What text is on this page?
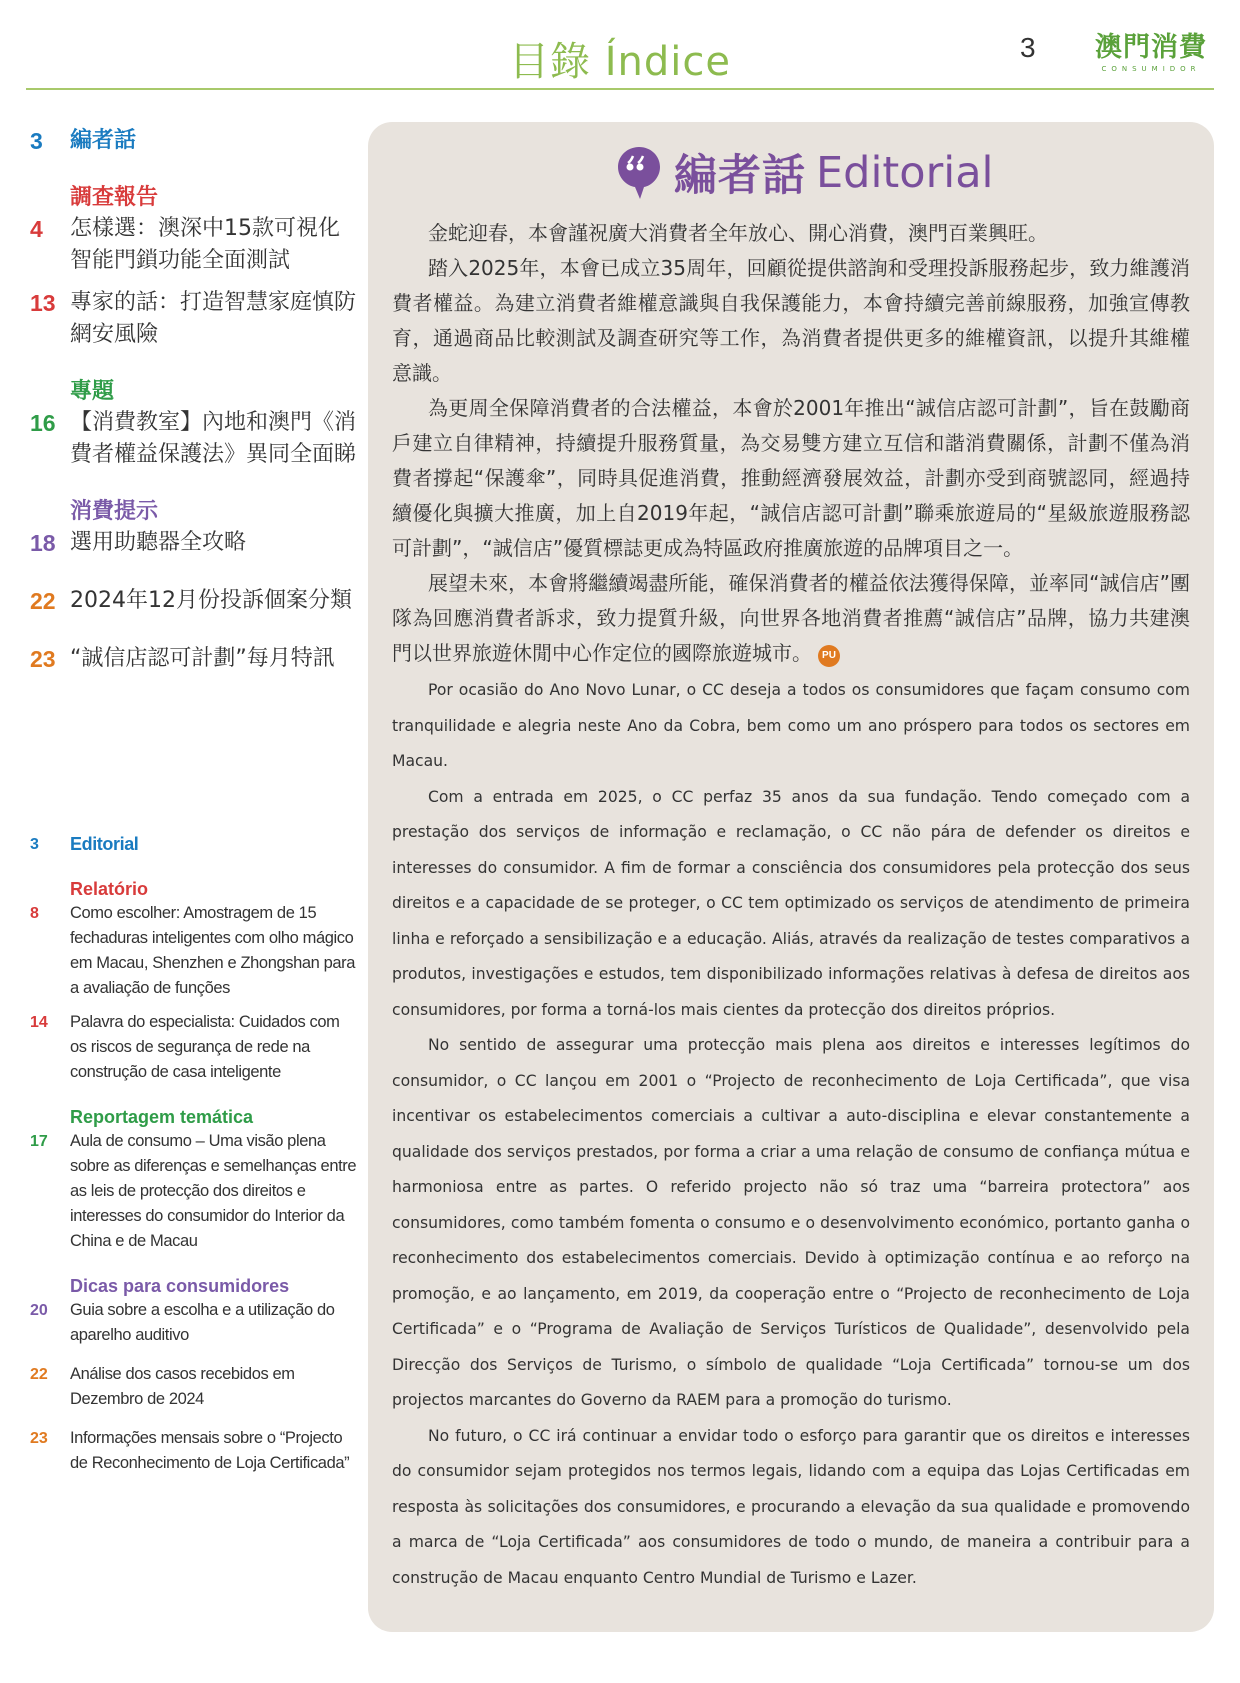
目錄 Índice	3 澳門消費
CONSUMIDOR
3	編者話
調查報告
4	怎樣選：澳深中15款可視化智能門鎖功能全面測試
13 專家的話：打造智慧家庭慎防網安風險
專題
16 【消費教室】內地和澳門《消費者權益保護法》異同全面睇
消費提示
18 選用助聽器全攻略
22 2024年12月份投訴個案分類
23 “誠信店認可計劃”每月特訊
3	Editorial
Relatório
8	Como escolher: Amostragem de 15 fechaduras inteligentes com olho mágico em Macau, Shenzhen e Zhongshan para a avaliação de funções
14	Palavra do especialista: Cuidados com os riscos de segurança de rede na construção de casa inteligente
Reportagem temática
17	Aula de consumo – Uma visão plena sobre as diferenças e semelhanças entre as leis de protecção dos direitos e interesses do consumidor do Interior da China e de Macau
Dicas para consumidores
20	Guia sobre a escolha e a utilização do aparelho auditivo
22	Análise dos casos recebidos em Dezembro de 2024
23	Informações mensais sobre o “Projecto de Reconhecimento de Loja Certificada”
編者話 Editorial

金蛇迎春，本會謹祝廣大消費者全年放心、開心消費，澳門百業興旺。

踏入2025年，本會已成立35周年，回顧從提供諮詢和受理投訴服務起步，致力維護消費者權益。為建立消費者維權意識與自我保護能力，本會持續完善前線服務，加強宣傳教育，通過商品比較測試及調查研究等工作，為消費者提供更多的維權資訊，以提升其維權意識。

為更周全保障消費者的合法權益，本會於2001年推出“誠信店認可計劃”，旨在鼓勵商戶建立自律精神，持續提升服務質量，為交易雙方建立互信和諧消費關係，計劃不僅為消費者撐起“保護傘”，同時具促進消費，推動經濟發展效益，計劃亦受到商號認同，經過持續優化與擴大推廣，加上自2019年起，“誠信店認可計劃”聯乘旅遊局的“星級旅遊服務認可計劃”，“誠信店”優質標誌更成為特區政府推廣旅遊的品牌項目之一。

展望未來，本會將繼續竭盡所能，確保消費者的權益依法獲得保障，並率同“誠信店”團隊為回應消費者訴求，致力提質升級，向世界各地消費者推薦“誠信店”品牌，協力共建澳門以世界旅遊休閒中心作定位的國際旅遊城市。 PU

Por ocasião do Ano Novo Lunar, o CC deseja a todos os consumidores que façam consumo com tranquilidade e alegria neste Ano da Cobra, bem como um ano próspero para todos os sectores em Macau.

Com a entrada em 2025, o CC perfaz 35 anos da sua fundação. Tendo começado com a prestação dos serviços de informação e reclamação, o CC não pára de defender os direitos e interesses do consumidor. A fim de formar a consciência dos consumidores pela protecção dos seus direitos e a capacidade de se proteger, o CC tem optimizado os serviços de atendimento de primeira linha e reforçado a sensibilização e a educação. Aliás, através da realização de testes comparativos a produtos, investigações e estudos, tem disponibilizado informações relativas à defesa de direitos aos consumidores, por forma a torná-los mais cientes da protecção dos direitos próprios.

No sentido de assegurar uma protecção mais plena aos direitos e interesses legítimos do consumidor, o CC lançou em 2001 o “Projecto de reconhecimento de Loja Certificada”, que visa incentivar os estabelecimentos comerciais a cultivar a auto-disciplina e elevar constantemente a qualidade dos serviços prestados, por forma a criar a uma relação de consumo de confiança mútua e harmoniosa entre as partes. O referido projecto não só traz uma “barreira protectora” aos consumidores, como também fomenta o consumo e o desenvolvimento económico, portanto ganha o reconhecimento dos estabelecimentos comerciais. Devido à optimização contínua e ao reforço na promoção, e ao lançamento, em 2019, da cooperação entre o “Projecto de reconhecimento de Loja Certificada” e o “Programa de Avaliação de Serviços Turísticos de Qualidade”, desenvolvido pela Direcção dos Serviços de Turismo, o símbolo de qualidade “Loja Certificada” tornou-se um dos projectos marcantes do Governo da RAEM para a promoção do turismo.

No futuro, o CC irá continuar a envidar todo o esforço para garantir que os direitos e interesses do consumidor sejam protegidos nos termos legais, lidando com a equipa das Lojas Certificadas em resposta às solicitações dos consumidores, e procurando a elevação da sua qualidade e promovendo a marca de “Loja Certificada” aos consumidores de todo o mundo, de maneira a contribuir para a construção de Macau enquanto Centro Mundial de Turismo e Lazer.
